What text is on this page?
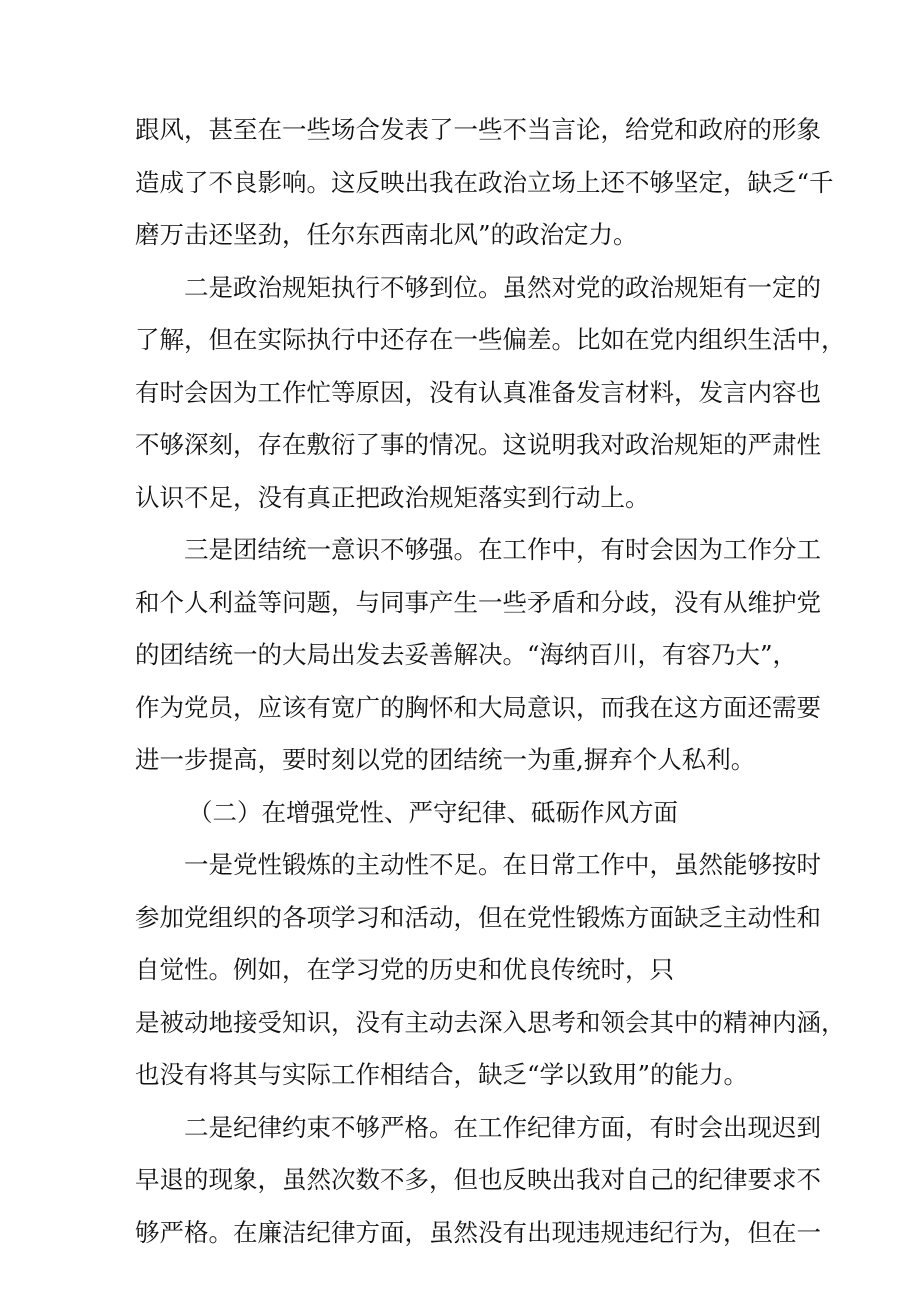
跟风，甚至在一些场合发表了一些不当言论，给党和政府的形象
造成了不良影响。这反映出我在政治立场上还不够坚定，缺乏“千
磨万击还坚劲，任尔东西南北风”的政治定力。
二是政治规矩执行不够到位。虽然对党的政治规矩有一定的
了解，但在实际执行中还存在一些偏差。比如在党内组织生活中，
有时会因为工作忙等原因，没有认真准备发言材料，发言内容也
不够深刻，存在敷衍了事的情况。这说明我对政治规矩的严肃性
认识不足，没有真正把政治规矩落实到行动上。
三是团结统一意识不够强。在工作中，有时会因为工作分工
和个人利益等问题，与同事产生一些矛盾和分歧，没有从维护党
的团结统一的大局出发去妥善解决。“海纳百川，有容乃大”，
作为党员，应该有宽广的胸怀和大局意识，而我在这方面还需要
进一步提高，要时刻以党的团结统一为重,摒弃个人私利。
（二）在增强党性、严守纪律、砥砺作风方面
一是党性锻炼的主动性不足。在日常工作中，虽然能够按时
参加党组织的各项学习和活动，但在党性锻炼方面缺乏主动性和
自觉性。例如，在学习党的历史和优良传统时，只
是被动地接受知识，没有主动去深入思考和领会其中的精神内涵，
也没有将其与实际工作相结合，缺乏“学以致用”的能力。
二是纪律约束不够严格。在工作纪律方面，有时会出现迟到
早退的现象，虽然次数不多，但也反映出我对自己的纪律要求不
够严格。在廉洁纪律方面，虽然没有出现违规违纪行为，但在一
